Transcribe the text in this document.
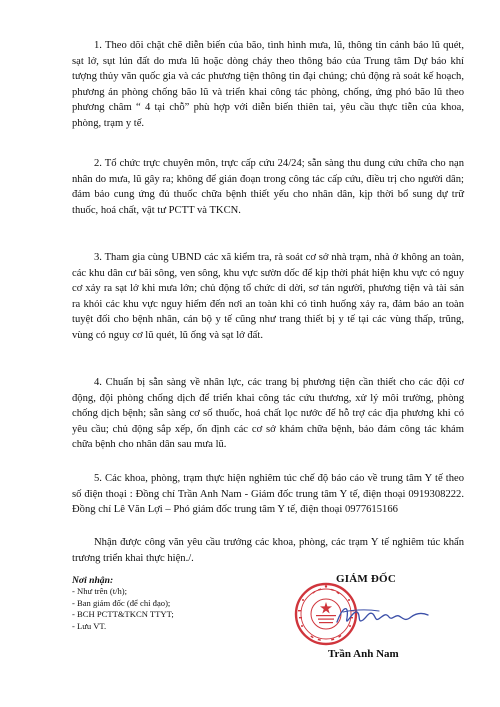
1. Theo dõi chặt chẽ diễn biến của bão, tình hình mưa, lũ, thông tin cảnh báo lũ quét, sạt lở, sụt lún đất do mưa lũ hoặc dòng chảy theo thông báo của Trung tâm Dự báo khí tượng thủy văn quốc gia và các phương tiện thông tin đại chúng; chủ động rà soát kế hoạch, phương án phòng chống bão lũ và triển khai công tác phòng, chống, ứng phó bão lũ theo phương châm “ 4 tại chỗ” phù hợp với diễn biến thiên tai, yêu cầu thực tiễn của khoa, phòng, trạm y tế.

2. Tổ chức trực chuyên môn, trực cấp cứu 24/24; sẵn sàng thu dung cứu chữa cho nạn nhân do mưa, lũ gây ra; không để gián đoạn trong công tác cấp cứu, điều trị cho người dân; đảm bảo cung ứng đủ thuốc chữa bệnh thiết yếu cho nhân dân, kịp thời bổ sung dự trữ thuốc, hoá chất, vật tư PCTT và TKCN.

3. Tham gia cùng UBND các xã kiểm tra, rà soát cơ sở nhà trạm, nhà ở không an toàn, các khu dân cư bãi sông, ven sông, khu vực sườn dốc để kịp thời phát hiện khu vực có nguy cơ xảy ra sạt lở khi mưa lớn; chủ động tổ chức di dời, sơ tán người, phương tiện và tài sản ra khỏi các khu vực nguy hiểm đến nơi an toàn khi có tình huống xảy ra, đảm bảo an toàn tuyệt đối cho bệnh nhân, cán bộ y tế cũng như trang thiết bị y tế tại các vùng thấp, trũng, vùng có nguy cơ lũ quét, lũ ống và sạt lở đất.

4. Chuẩn bị sẵn sàng về nhân lực, các trang bị phương tiện cần thiết cho các đội cơ động, đội phòng chống dịch để triển khai công tác cứu thương, xử lý môi trường, phòng chống dịch bệnh; sẵn sàng cơ số thuốc, hoá chất lọc nước để hỗ trợ các địa phương khi có yêu cầu; chủ động sắp xếp, ổn định các cơ sở khám chữa bệnh, bảo đảm công tác khám chữa bệnh cho nhân dân sau mưa lũ.

5. Các khoa, phòng, trạm thực hiện nghiêm túc chế độ báo cáo về trung tâm Y tế theo số điện thoại : Đồng chí Trần Anh Nam - Giám đốc trung tâm Y tế, điện thoại 0919308222. Đồng chí Lê Văn Lợi – Phó giám đốc trung tâm Y tế, điện thoại 0977615166

Nhận được công văn yêu cầu trưởng các khoa, phòng, các trạm Y tế nghiêm túc khẩn trương triển khai thực hiện./.

Nơi nhận:
- Như trên (t/h);
- Ban giám đốc (để chỉ đạo);
- BCH PCTT&TKCN TTYT;
- Lưu VT.
GIÁM ĐỐC
Trần Anh Nam
